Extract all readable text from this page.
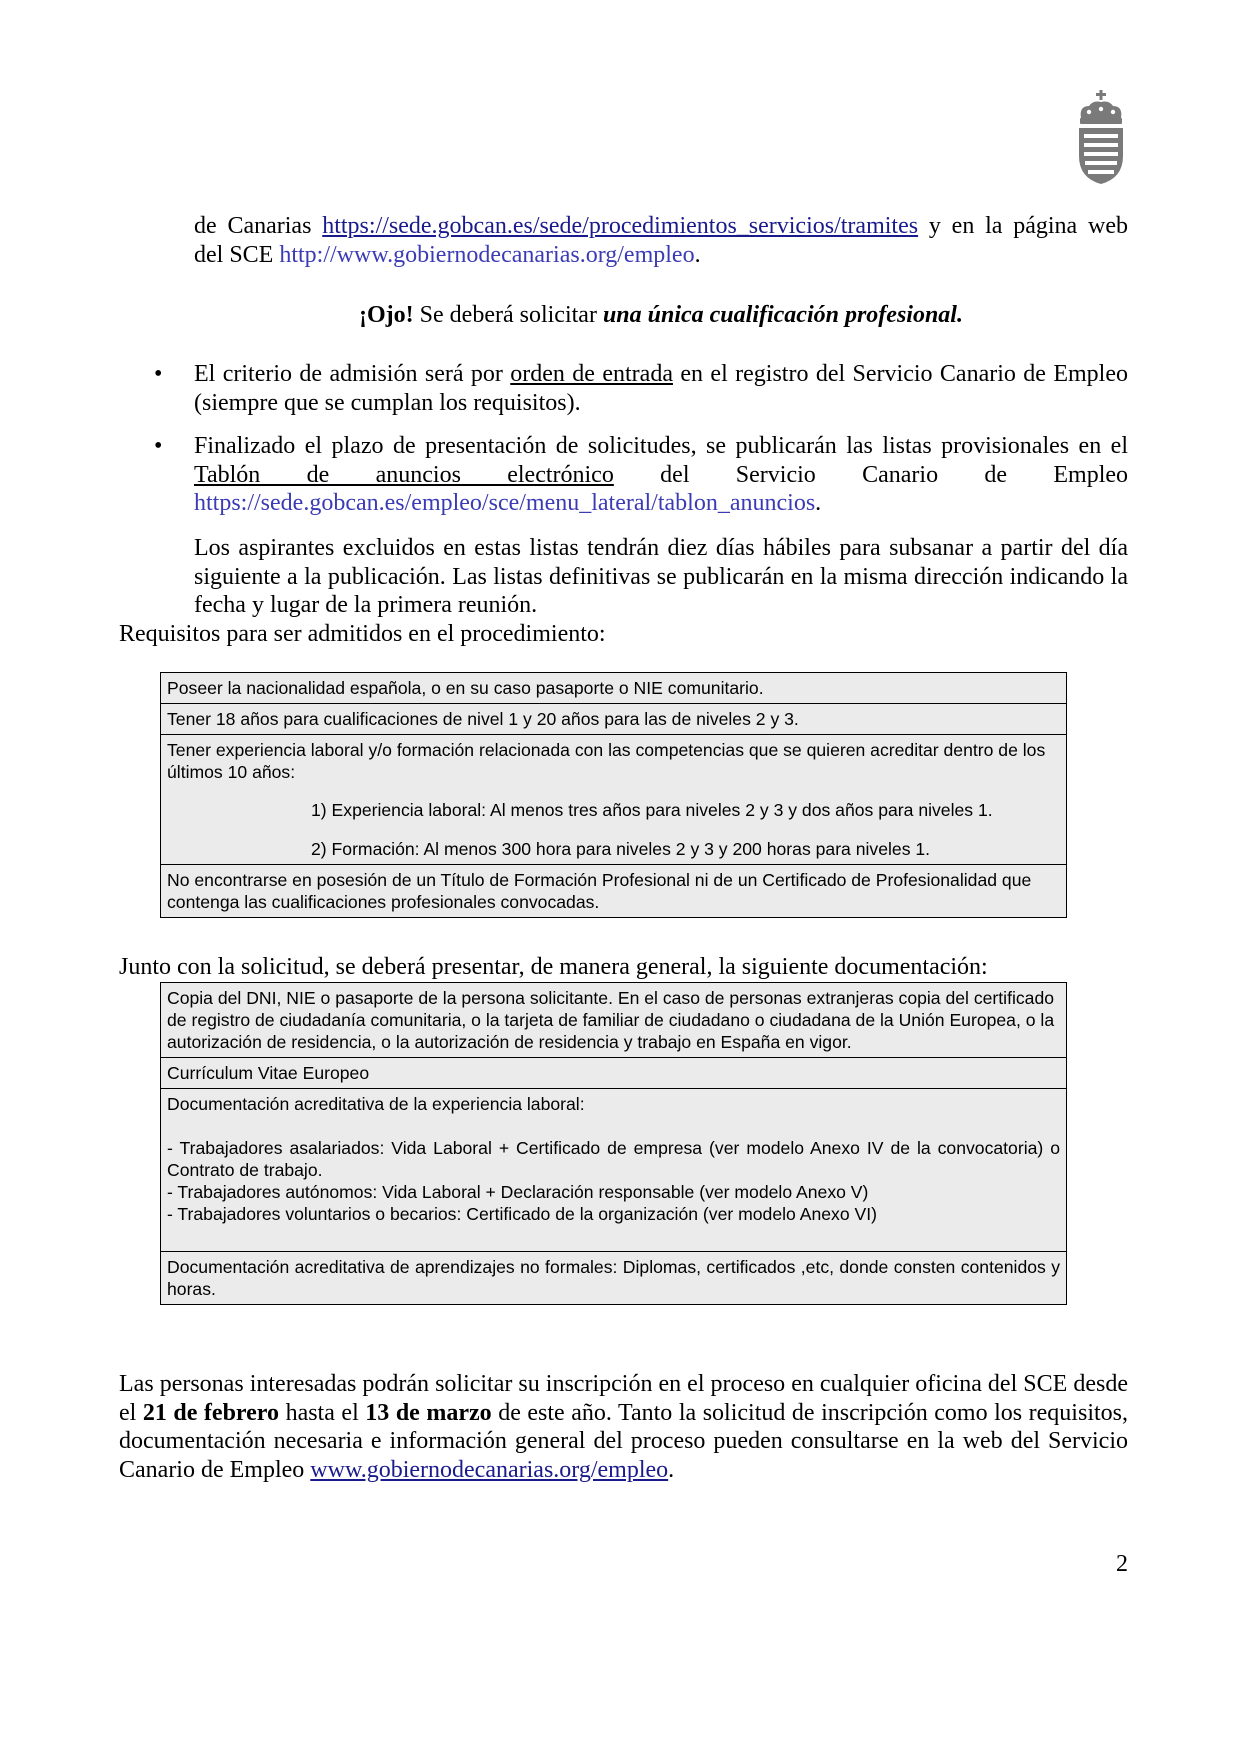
de Canarias https://sede.gobcan.es/sede/procedimientos_servicios/tramites y en la página web del SCE http://www.gobiernodecanarias.org/empleo.
¡Ojo! Se deberá solicitar una única cualificación profesional.
•	El criterio de admisión será por orden de entrada en el registro del Servicio Canario de Empleo (siempre que se cumplan los requisitos).
•	Finalizado el plazo de presentación de solicitudes, se publicarán las listas provisionales en el Tablón de anuncios electrónico del Servicio Canario de Empleo https://sede.gobcan.es/empleo/sce/menu_lateral/tablon_anuncios.
Los aspirantes excluidos en estas listas tendrán diez días hábiles para subsanar a partir del día siguiente a la publicación. Las listas definitivas se publicarán en la misma dirección indicando la fecha y lugar de la primera reunión.
Requisitos para ser admitidos en el procedimiento:
Poseer la nacionalidad española, o en su caso pasaporte o NIE comunitario.
Tener 18 años para cualificaciones de nivel 1 y 20 años para las de niveles 2 y 3.
Tener experiencia laboral y/o formación relacionada con las competencias que se quieren acreditar dentro de los últimos 10 años:
1) Experiencia laboral: Al menos tres años para niveles 2 y 3 y dos años para niveles 1.
2) Formación: Al menos 300 hora para niveles 2 y 3 y 200 horas para niveles 1.
No encontrarse en posesión de un Título de Formación Profesional ni de un Certificado de Profesionalidad que contenga las cualificaciones profesionales convocadas.
Junto con la solicitud, se deberá presentar, de manera general, la siguiente documentación:
Copia del DNI, NIE o pasaporte de la persona solicitante. En el caso de personas extranjeras copia del certificado de registro de ciudadanía comunitaria, o la tarjeta de familiar de ciudadano o ciudadana de la Unión Europea, o la autorización de residencia, o la autorización de residencia y trabajo en España en vigor.
Currículum Vitae Europeo
Documentación acreditativa de la experiencia laboral:
- Trabajadores asalariados: Vida Laboral + Certificado de empresa (ver modelo Anexo IV de la convocatoria) o Contrato de trabajo.
- Trabajadores autónomos: Vida Laboral + Declaración responsable (ver modelo Anexo V)
- Trabajadores voluntarios o becarios: Certificado de la organización (ver modelo Anexo VI)
Documentación acreditativa de aprendizajes no formales: Diplomas, certificados ,etc, donde consten contenidos y horas.
Las personas interesadas podrán solicitar su inscripción en el proceso en cualquier oficina del SCE desde el 21 de febrero hasta el 13 de marzo de este año. Tanto la solicitud de inscripción como los requisitos, documentación necesaria e información general del proceso pueden consultarse en la web del Servicio Canario de Empleo www.gobiernodecanarias.org/empleo.
2
